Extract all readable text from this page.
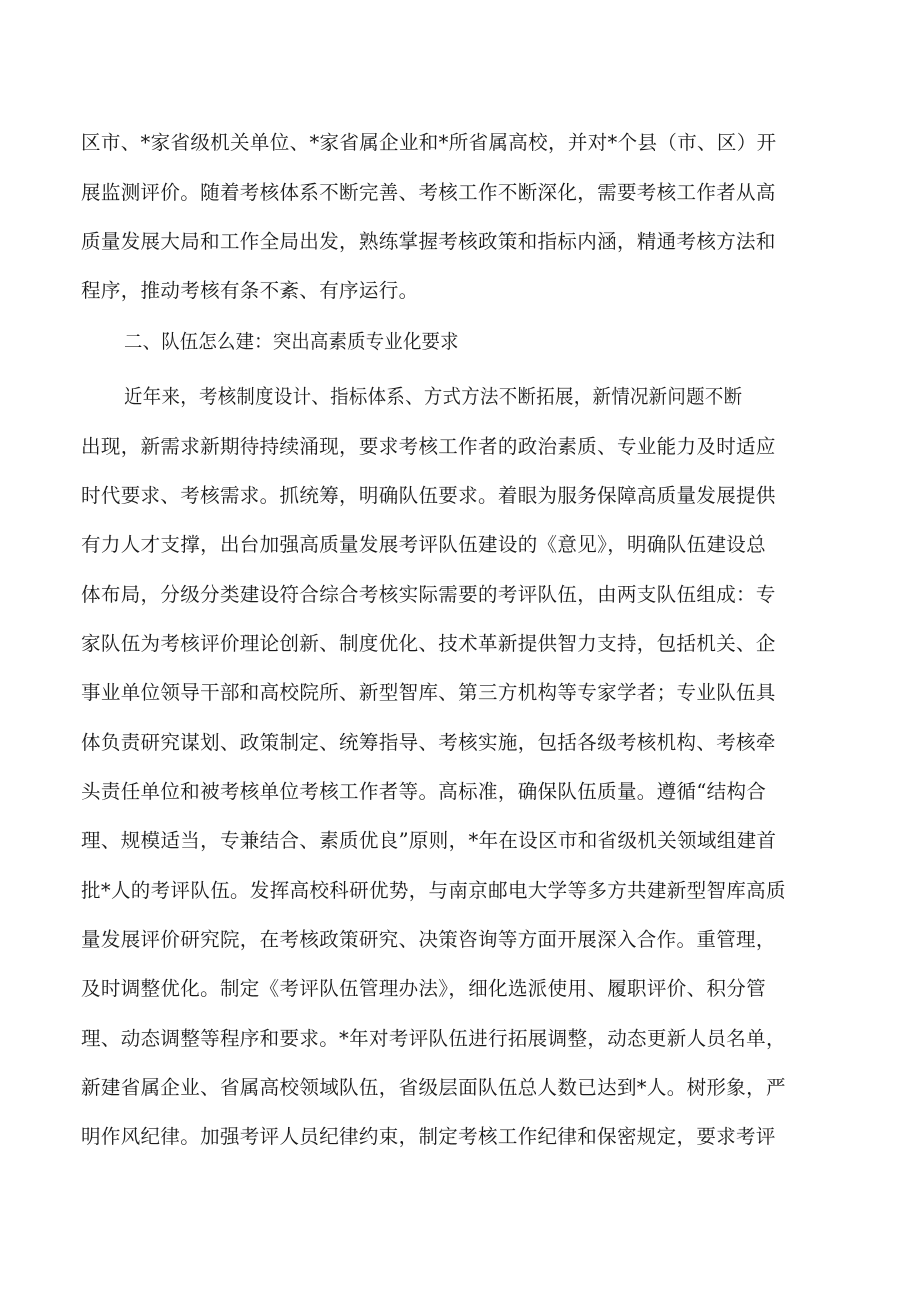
区市、*家省级机关单位、*家省属企业和*所省属高校，并对*个县（市、区）开
展监测评价。随着考核体系不断完善、考核工作不断深化，需要考核工作者从高
质量发展大局和工作全局出发，熟练掌握考核政策和指标内涵，精通考核方法和
程序，推动考核有条不紊、有序运行。
二、队伍怎么建：突出高素质专业化要求
近年来，考核制度设计、指标体系、方式方法不断拓展，新情况新问题不断
出现，新需求新期待持续涌现，要求考核工作者的政治素质、专业能力及时适应
时代要求、考核需求。抓统筹，明确队伍要求。着眼为服务保障高质量发展提供
有力人才支撑，出台加强高质量发展考评队伍建设的《意见》，明确队伍建设总
体布局，分级分类建设符合综合考核实际需要的考评队伍，由两支队伍组成：专
家队伍为考核评价理论创新、制度优化、技术革新提供智力支持，包括机关、企
事业单位领导干部和高校院所、新型智库、第三方机构等专家学者；专业队伍具
体负责研究谋划、政策制定、统筹指导、考核实施，包括各级考核机构、考核牵
头责任单位和被考核单位考核工作者等。高标准，确保队伍质量。遵循“结构合
理、规模适当，专兼结合、素质优良”原则，*年在设区市和省级机关领域组建首
批*人的考评队伍。发挥高校科研优势，与南京邮电大学等多方共建新型智库高质
量发展评价研究院，在考核政策研究、决策咨询等方面开展深入合作。重管理，
及时调整优化。制定《考评队伍管理办法》，细化选派使用、履职评价、积分管
理、动态调整等程序和要求。*年对考评队伍进行拓展调整，动态更新人员名单，
新建省属企业、省属高校领域队伍，省级层面队伍总人数已达到*人。树形象，严
明作风纪律。加强考评人员纪律约束，制定考核工作纪律和保密规定，要求考评
